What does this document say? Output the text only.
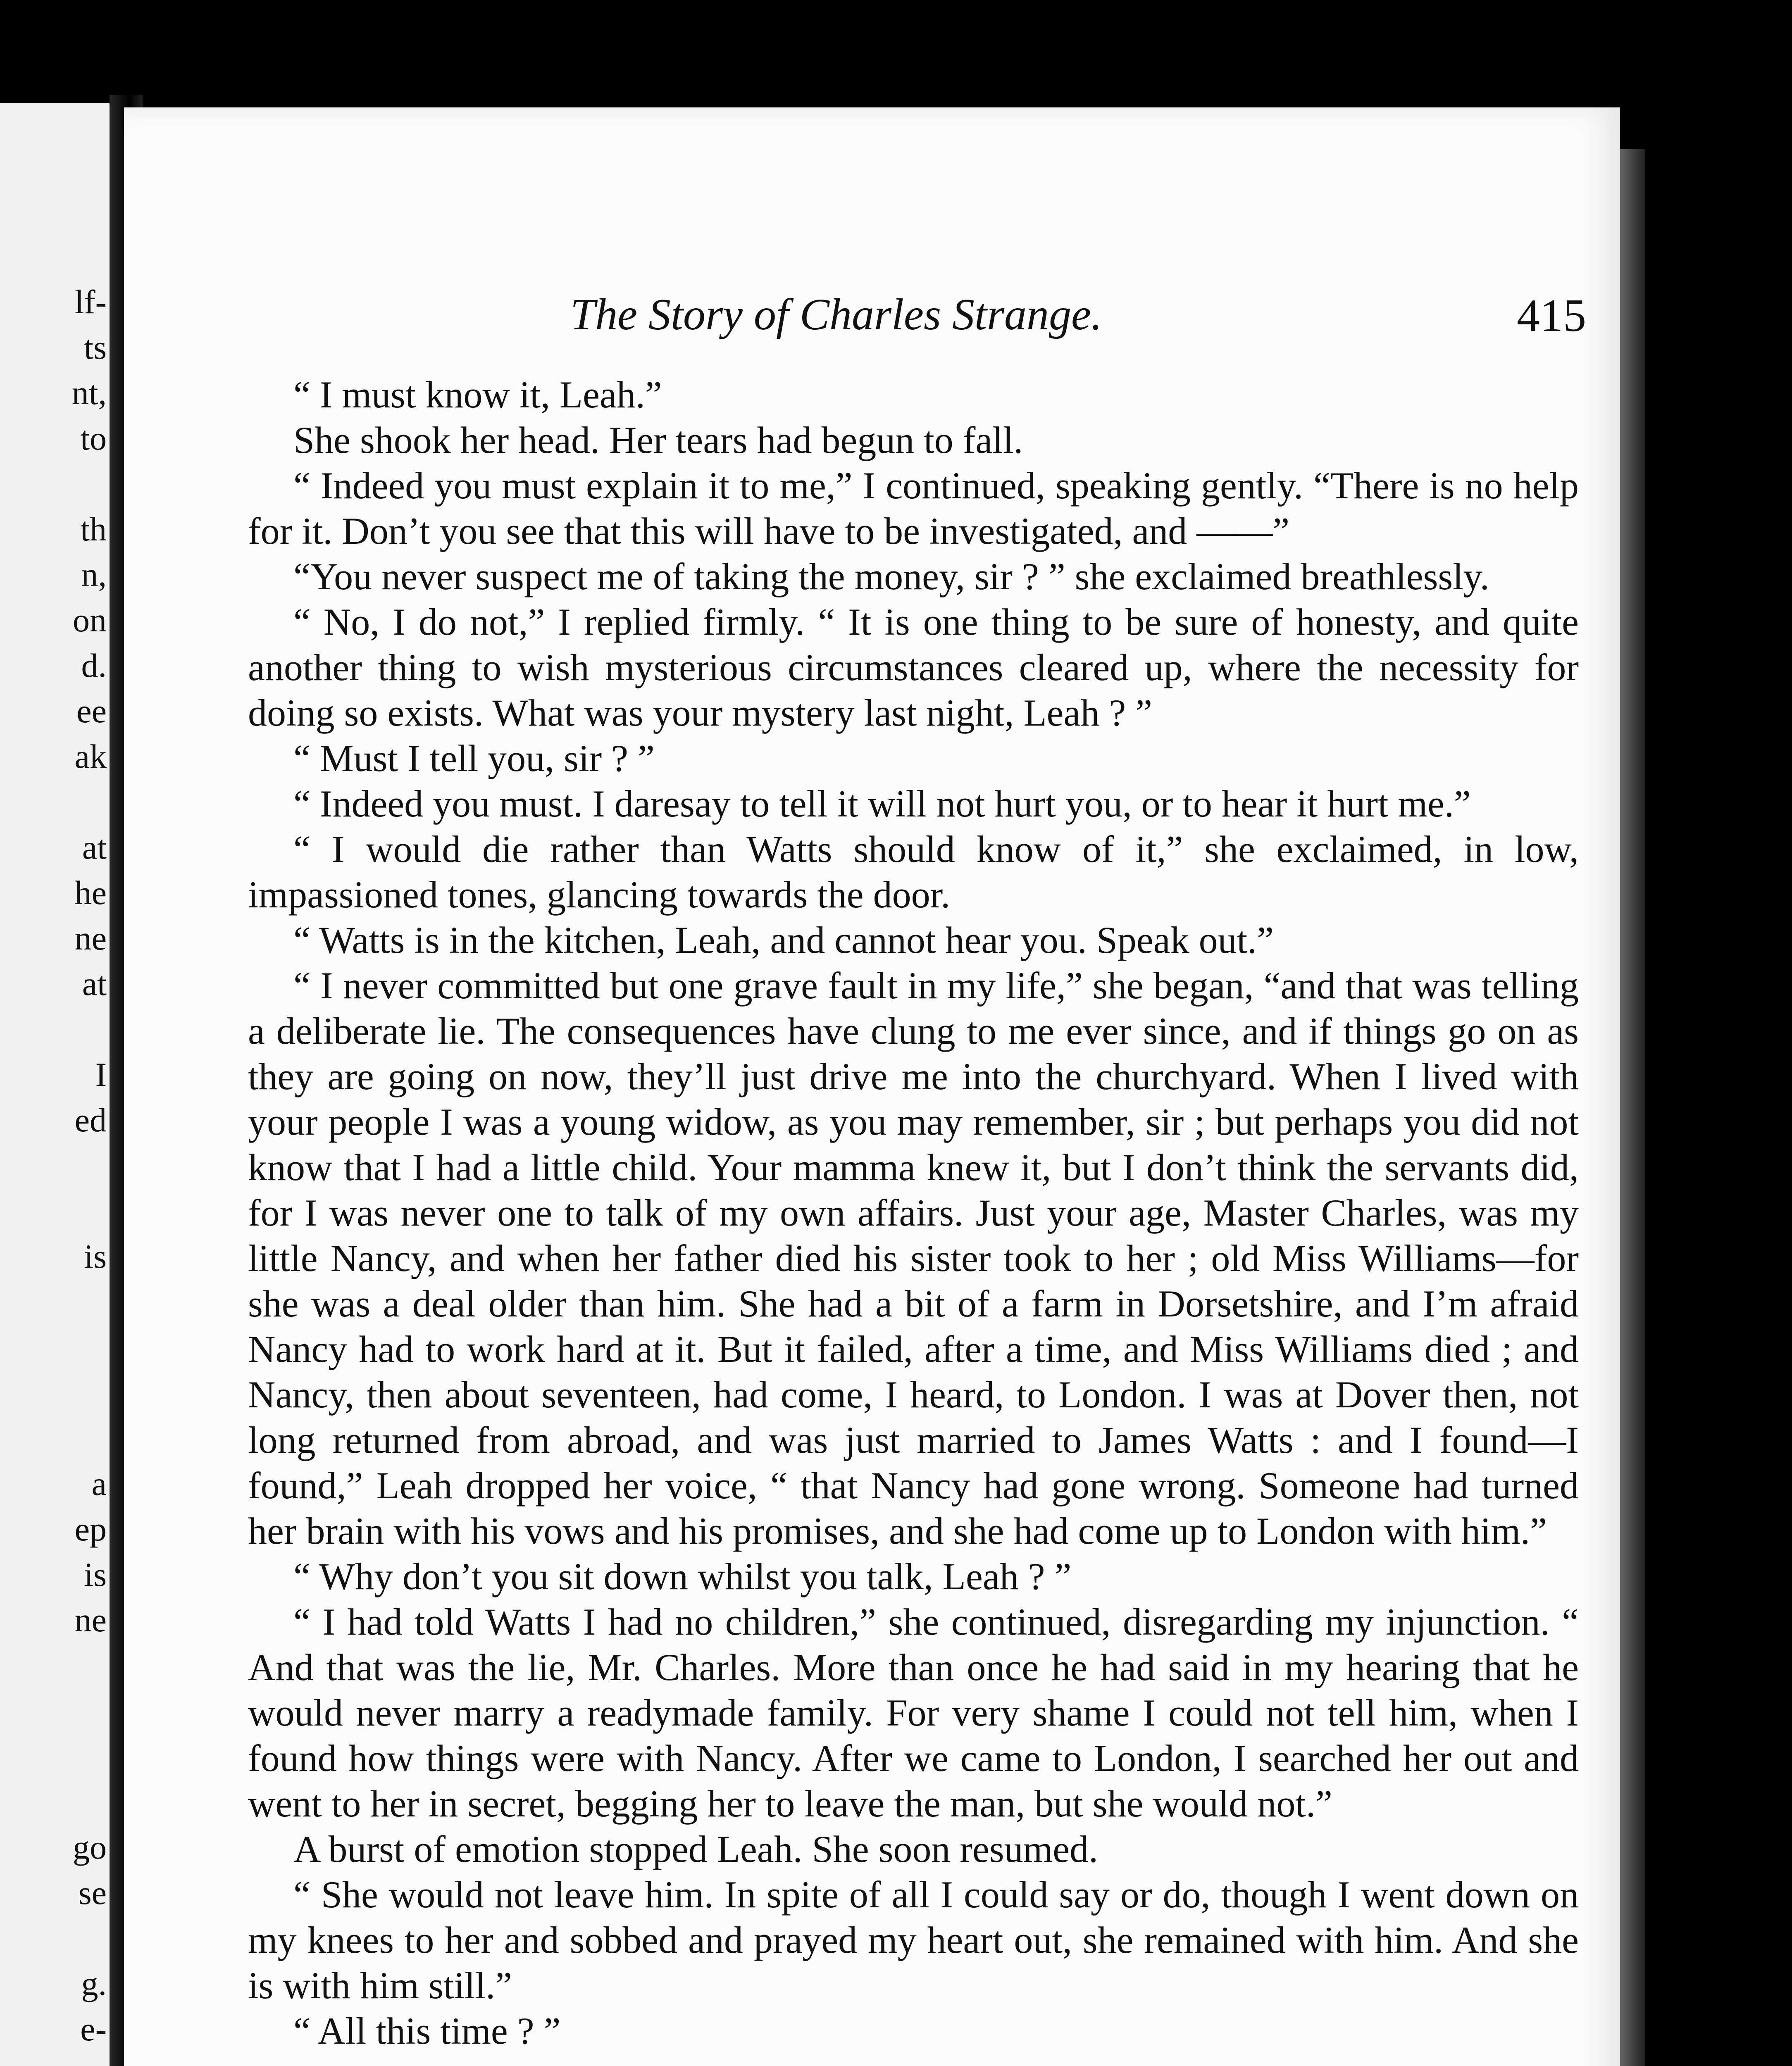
lf-
ts
nt,
to
th
n,
on
d.
ee
ak
at
he
ne
at
I
ed
is
a
ep
is
ne
go
se
g.
e-
The Story of Charles Strange.	415

“ I must know it, Leah.”

She shook her head. Her tears had begun to fall.

“ Indeed you must explain it to me,” I continued, speaking gently. “There is no help for it. Don’t you see that this will have to be investigated, and ——”

“You never suspect me of taking the money, sir ? ” she exclaimed breathlessly.

“ No, I do not,” I replied firmly. “ It is one thing to be sure of honesty, and quite another thing to wish mysterious circumstances cleared up, where the necessity for doing so exists. What was your mystery last night, Leah ? ”

“ Must I tell you, sir ? ”

“ Indeed you must. I daresay to tell it will not hurt you, or to hear it hurt me.”

“ I would die rather than Watts should know of it,” she exclaimed, in low, impassioned tones, glancing towards the door.

“ Watts is in the kitchen, Leah, and cannot hear you. Speak out.”

“ I never committed but one grave fault in my life,” she began, “and that was telling a deliberate lie. The consequences have clung to me ever since, and if things go on as they are going on now, they’ll just drive me into the churchyard. When I lived with your people I was a young widow, as you may remember, sir ; but perhaps you did not know that I had a little child. Your mamma knew it, but I don’t think the servants did, for I was never one to talk of my own affairs. Just your age, Master Charles, was my little Nancy, and when her father died his sister took to her ; old Miss Williams—for she was a deal older than him. She had a bit of a farm in Dorsetshire, and I’m afraid Nancy had to work hard at it. But it failed, after a time, and Miss Williams died ; and Nancy, then about seventeen, had come, I heard, to London. I was at Dover then, not long returned from abroad, and was just married to James Watts : and I found—I found,” Leah dropped her voice, “ that Nancy had gone wrong. Someone had turned her brain with his vows and his promises, and she had come up to London with him.”

“ Why don’t you sit down whilst you talk, Leah ? ”

“ I had told Watts I had no children,” she continued, disregarding my injunction. “ And that was the lie, Mr. Charles. More than once he had said in my hearing that he would never marry a readymade family. For very shame I could not tell him, when I found how things were with Nancy. After we came to London, I searched her out and went to her in secret, begging her to leave the man, but she would not.”

A burst of emotion stopped Leah. She soon resumed.

“ She would not leave him. In spite of all I could say or do, though I went down on my knees to her and sobbed and prayed my heart out, she remained with him. And she is with him still.”

“ All this time ? ”
